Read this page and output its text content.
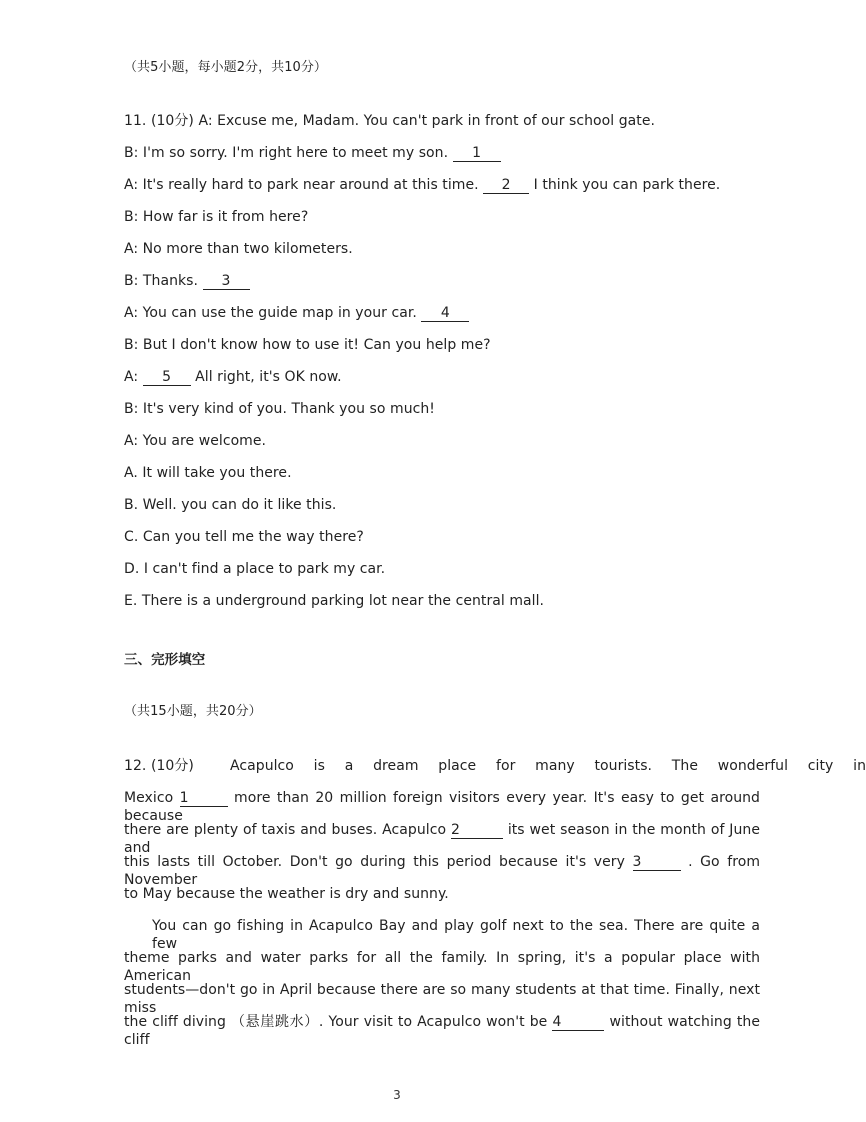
（共5小题，每小题2分，共10分）
11. (10分) A: Excuse me, Madam. You can't park in front of our school gate.
B: I'm so sorry. I'm right here to meet my son. 1
A: It's really hard to park near around at this time. 2 I think you can park there.
B: How far is it from here?
A: No more than two kilometers.
B: Thanks. 3
A: You can use the guide map in your car. 4
B: But I don't know how to use it! Can you help me?
A: 5 All right, it's OK now.
B: It's very kind of you. Thank you so much!
A: You are welcome.
A. It will take you there.
B. Well. you can do it like this.
C. Can you tell me the way there?
D. I can't find a place to park my car.
E. There is a underground parking lot near the central mall.
三、完形填空
（共15小题，共20分）
12. (10分)	Acapulco is a dream place for many tourists. The wonderful city in
Mexico 1	more than 20 million foreign visitors every year. It's easy to get around because
there are plenty of taxis and buses. Acapulco 2	its wet season in the month of June and
this lasts till October. Don't go during this period because it's very 3	. Go from November
to May because the weather is dry and sunny.
You can go fishing in Acapulco Bay and play golf next to the sea. There are quite a few
theme parks and water parks for all the family. In spring, it's a popular place with American
students—don't go in April because there are so many students at that time. Finally, next miss
the cliff diving （悬崖跳水）. Your visit to Acapulco won't be 4	without watching the cliff
3
